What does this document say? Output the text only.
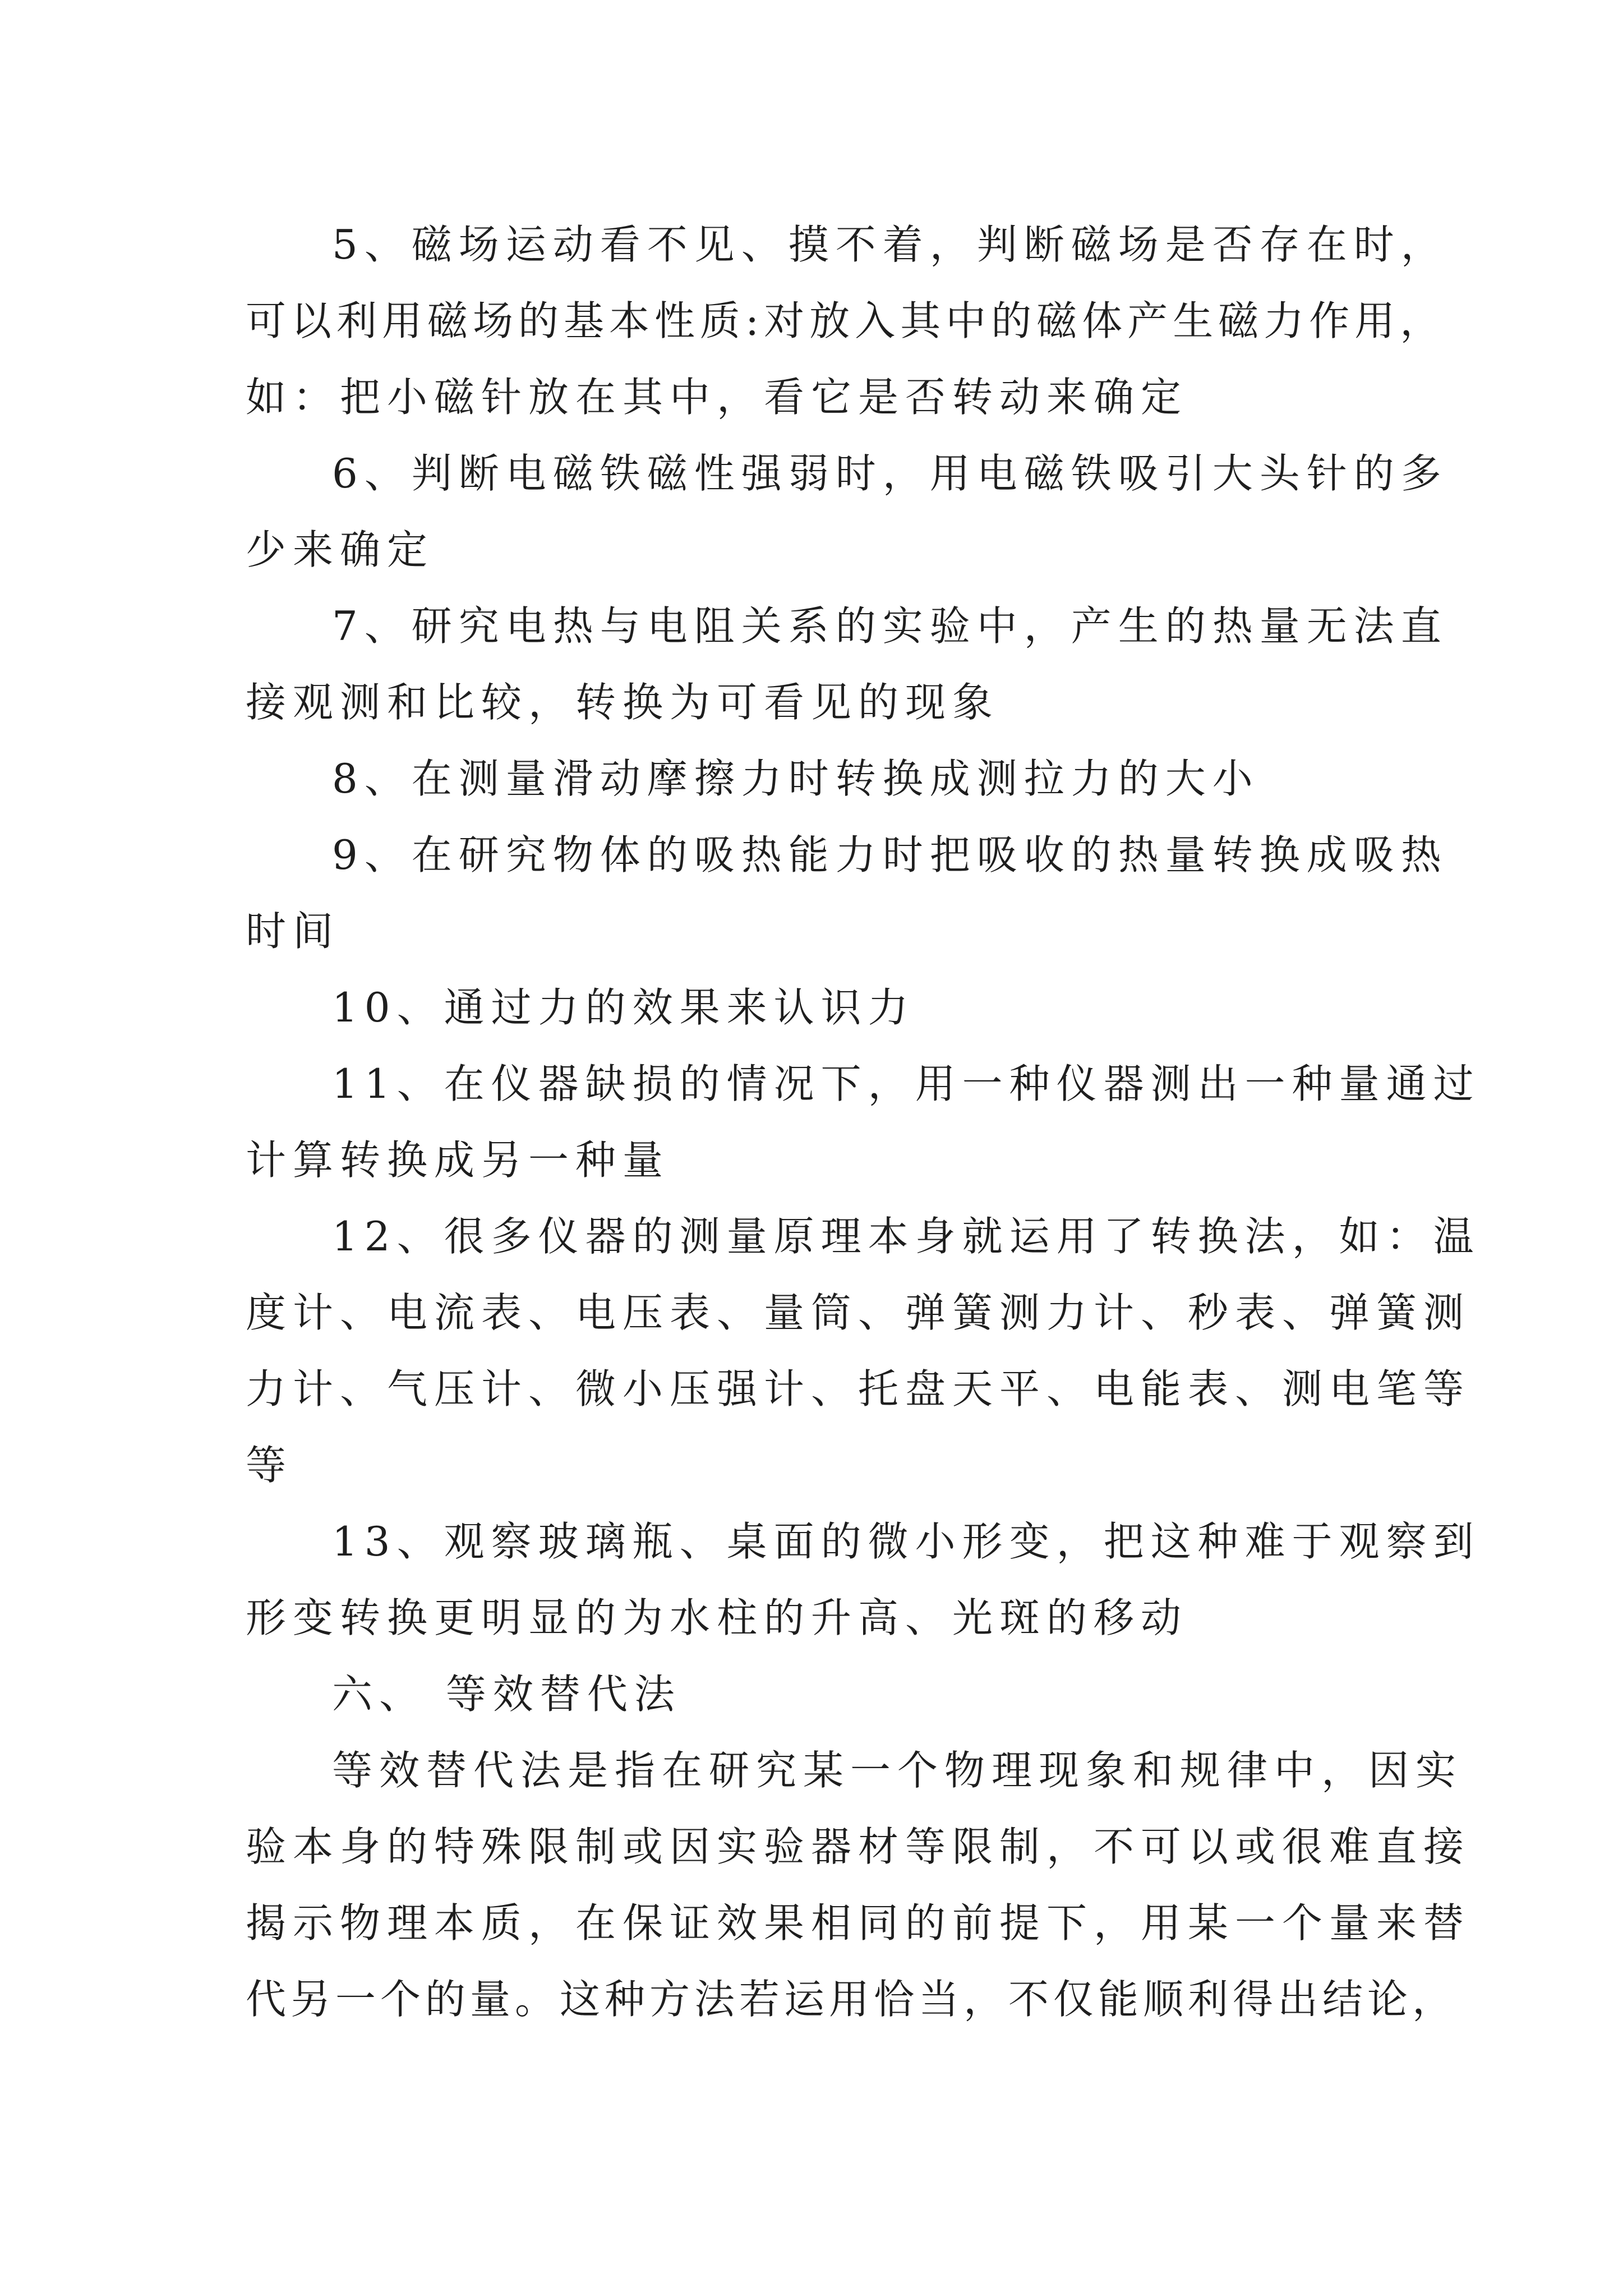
5、磁场运动看不见、摸不着，判断磁场是否存在时，
可以利用磁场的基本性质:对放入其中的磁体产生磁力作用，
如：把小磁针放在其中，看它是否转动来确定
6、判断电磁铁磁性强弱时，用电磁铁吸引大头针的多
少来确定
7、研究电热与电阻关系的实验中，产生的热量无法直
接观测和比较，转换为可看见的现象
8、在测量滑动摩擦力时转换成测拉力的大小
9、在研究物体的吸热能力时把吸收的热量转换成吸热
时间
10、通过力的效果来认识力
11、在仪器缺损的情况下，用一种仪器测出一种量通过
计算转换成另一种量
12、很多仪器的测量原理本身就运用了转换法，如：温
度计、电流表、电压表、量筒、弹簧测力计、秒表、弹簧测
力计、气压计、微小压强计、托盘天平、电能表、测电笔等
等
13、观察玻璃瓶、桌面的微小形变，把这种难于观察到
形变转换更明显的为水柱的升高、光斑的移动
六、 等效替代法
等效替代法是指在研究某一个物理现象和规律中，因实
验本身的特殊限制或因实验器材等限制，不可以或很难直接
揭示物理本质，在保证效果相同的前提下，用某一个量来替
代另一个的量。这种方法若运用恰当，不仅能顺利得出结论，
